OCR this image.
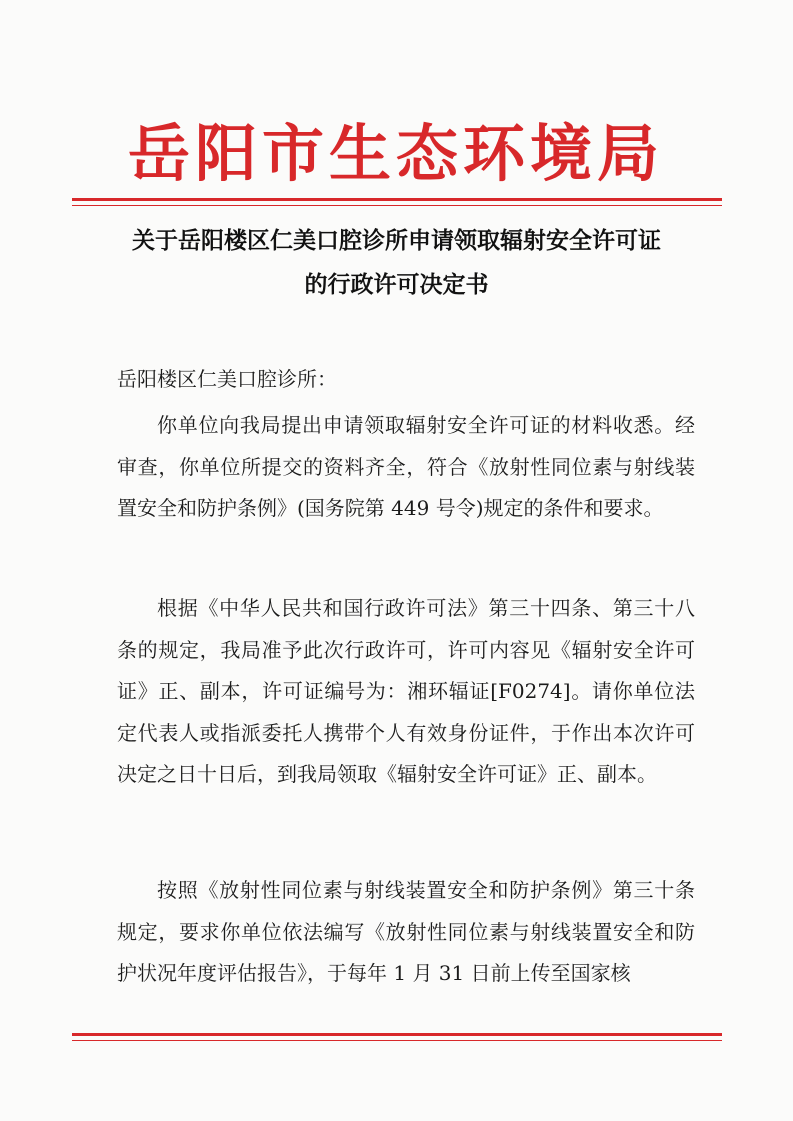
岳阳市生态环境局
关于岳阳楼区仁美口腔诊所申请领取辐射安全许可证
的行政许可决定书
岳阳楼区仁美口腔诊所：

你单位向我局提出申请领取辐射安全许可证的材料收悉。经审查，你单位所提交的资料齐全，符合《放射性同位素与射线装置安全和防护条例》(国务院第 449 号令)规定的条件和要求。

根据《中华人民共和国行政许可法》第三十四条、第三十八条的规定，我局准予此次行政许可，许可内容见《辐射安全许可证》正、副本，许可证编号为：湘环辐证[F0274]。请你单位法定代表人或指派委托人携带个人有效身份证件，于作出本次许可决定之日十日后，到我局领取《辐射安全许可证》正、副本。

按照《放射性同位素与射线装置安全和防护条例》第三十条规定，要求你单位依法编写《放射性同位素与射线装置安全和防护状况年度评估报告》，于每年 1 月 31 日前上传至国家核
